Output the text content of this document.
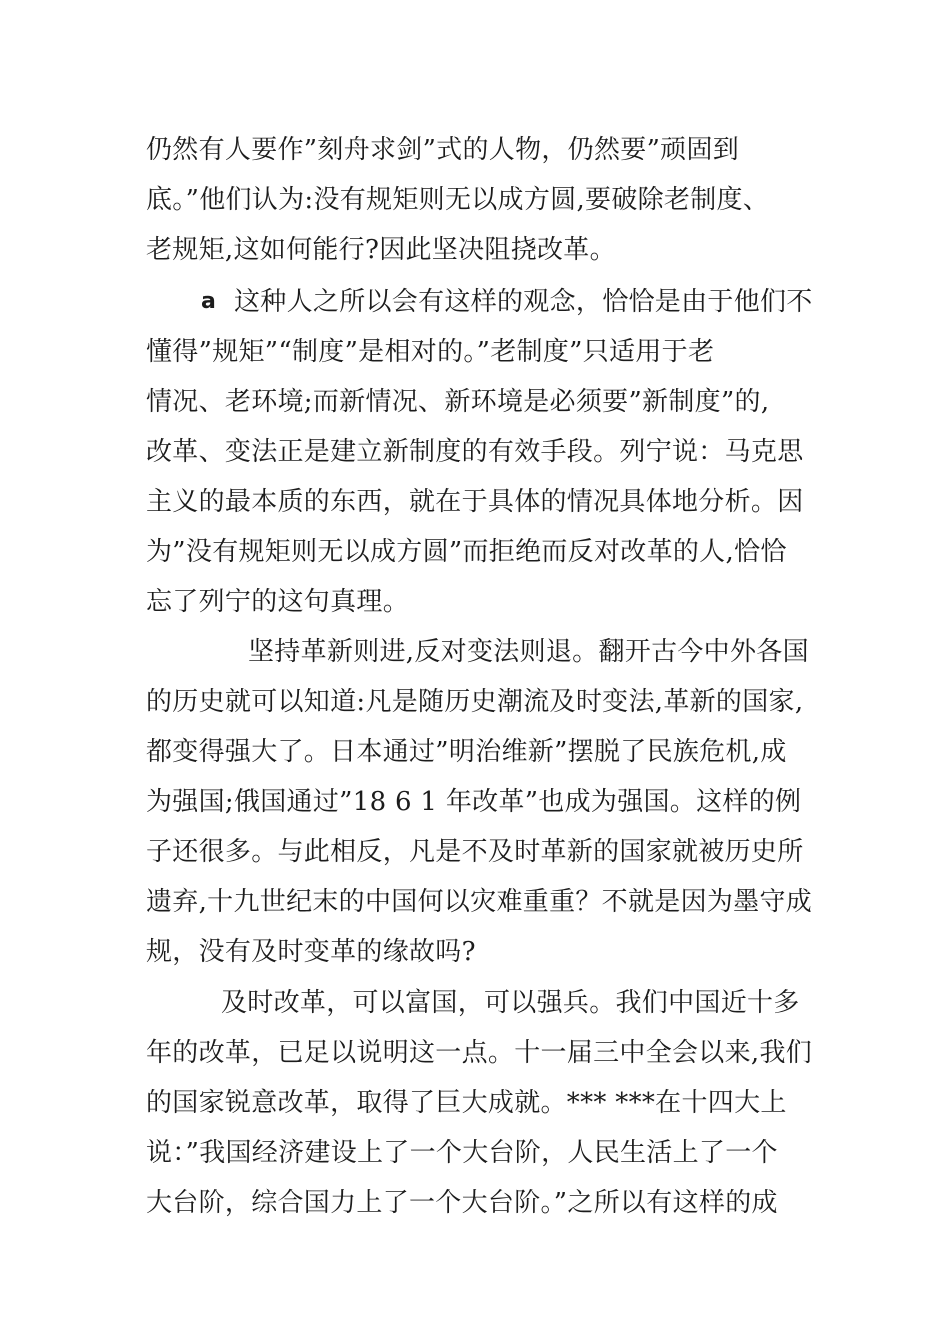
仍然有人要作”刻舟求剑”式的人物，仍然要”顽固到
底。”他们认为:没有规矩则无以成方圆,要破除老制度、
老规矩,这如何能行?因此坚决阻挠改革。
a 这种人之所以会有这样的观念，恰恰是由于他们不
懂得”规矩”“制度”是相对的。”老制度”只适用于老
情况、老环境;而新情况、新环境是必须要”新制度”的,
改革、变法正是建立新制度的有效手段。列宁说：马克思
主义的最本质的东西，就在于具体的情况具体地分析。因
为”没有规矩则无以成方圆”而拒绝而反对改革的人,恰恰
忘了列宁的这句真理。
坚持革新则进,反对变法则退。翻开古今中外各国
的历史就可以知道:凡是随历史潮流及时变法,革新的国家,
都变得强大了。日本通过”明治维新”摆脱了民族危机,成
为强国;俄国通过”18 6 1 年改革”也成为强国。这样的例
子还很多。与此相反，凡是不及时革新的国家就被历史所
遗弃,十九世纪末的中国何以灾难重重？不就是因为墨守成
规，没有及时变革的缘故吗?
及时改革，可以富国，可以强兵。我们中国近十多
年的改革，已足以说明这一点。十一届三中全会以来,我们
的国家锐意改革，取得了巨大成就。*** ***在十四大上
说：”我国经济建设上了一个大台阶，人民生活上了一个
大台阶，综合国力上了一个大台阶。”之所以有这样的成
